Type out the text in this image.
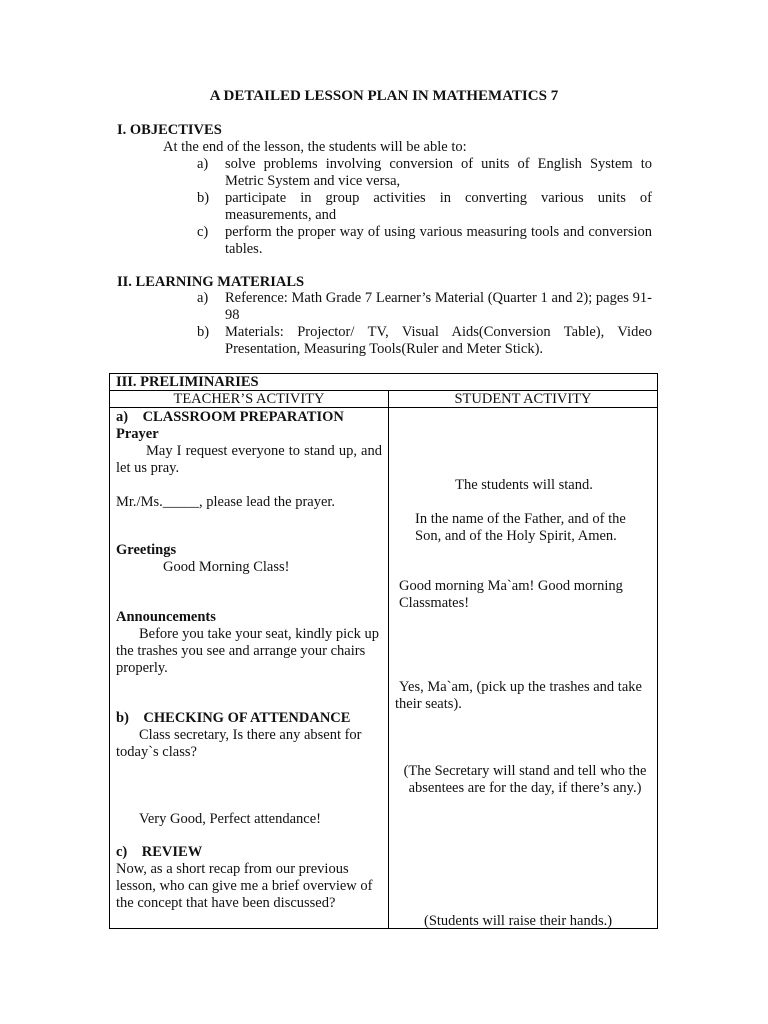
A DETAILED LESSON PLAN IN MATHEMATICS 7
I. OBJECTIVES
At the end of the lesson, the students will be able to:
a) solve problems involving conversion of units of English System to Metric System and vice versa,
b) participate in group activities in converting various units of measurements, and
c) perform the proper way of using various measuring tools and conversion tables.
II. LEARNING MATERIALS
a) Reference: Math Grade 7 Learner’s Material (Quarter 1 and 2); pages 91-98
b) Materials: Projector/ TV, Visual Aids(Conversion Table), Video Presentation, Measuring Tools(Ruler and Meter Stick).
III. PRELIMINARIES
TEACHER’S ACTIVITY	STUDENT ACTIVITY
a)    CLASSROOM PREPARATION
Prayer
May I request everyone to stand up, and let us pray.
Mr./Ms._____, please lead the prayer.
Greetings
Good Morning Class!
Announcements
Before you take your seat, kindly pick up the trashes you see and arrange your chairs properly.
b)    CHECKING OF ATTENDANCE
Class secretary, Is there any absent for today`s class?
Very Good, Perfect attendance!
c)    REVIEW
Now, as a short recap from our previous lesson, who can give me a brief overview of the concept that have been discussed?
The students will stand.
In the name of the Father, and of the Son, and of the Holy Spirit, Amen.
Good morning Ma`am! Good morning Classmates!
Yes, Ma`am, (pick up the trashes and take their seats).
(The Secretary will stand and tell who the absentees are for the day, if there’s any.)
(Students will raise their hands.)
